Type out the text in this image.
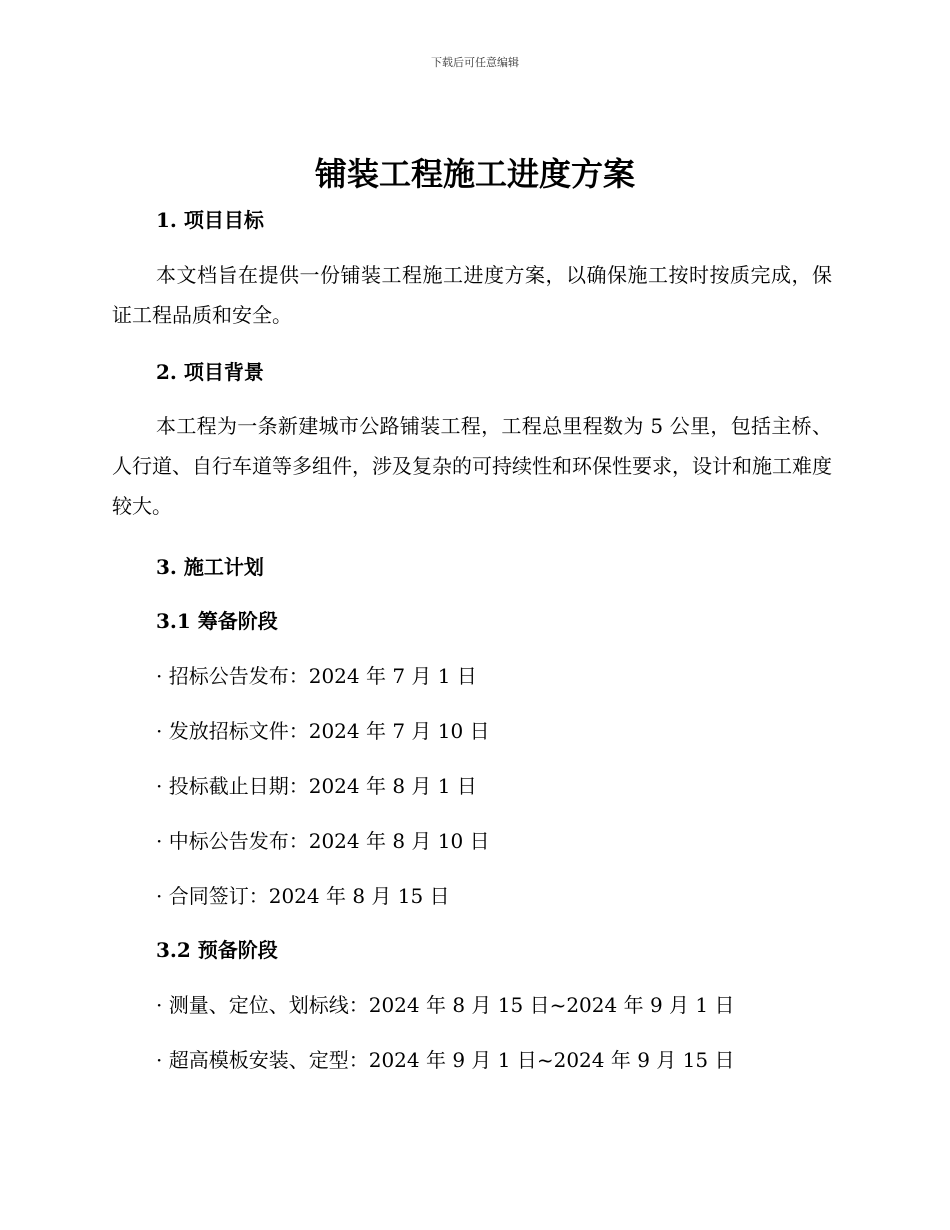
下载后可任意编辑
铺装工程施工进度方案
1. 项目目标
本文档旨在提供一份铺装工程施工进度方案，以确保施工按时按质完成，保证工程品质和安全。
2. 项目背景
本工程为一条新建城市公路铺装工程，工程总里程数为 5 公里，包括主桥、人行道、自行车道等多组件，涉及复杂的可持续性和环保性要求，设计和施工难度较大。
3. 施工计划
3.1 筹备阶段
· 招标公告发布：2024 年 7 月 1 日
· 发放招标文件：2024 年 7 月 10 日
· 投标截止日期：2024 年 8 月 1 日
· 中标公告发布：2024 年 8 月 10 日
· 合同签订：2024 年 8 月 15 日
3.2 预备阶段
· 测量、定位、划标线：2024 年 8 月 15 日~2024 年 9 月 1 日
· 超高模板安装、定型：2024 年 9 月 1 日~2024 年 9 月 15 日
